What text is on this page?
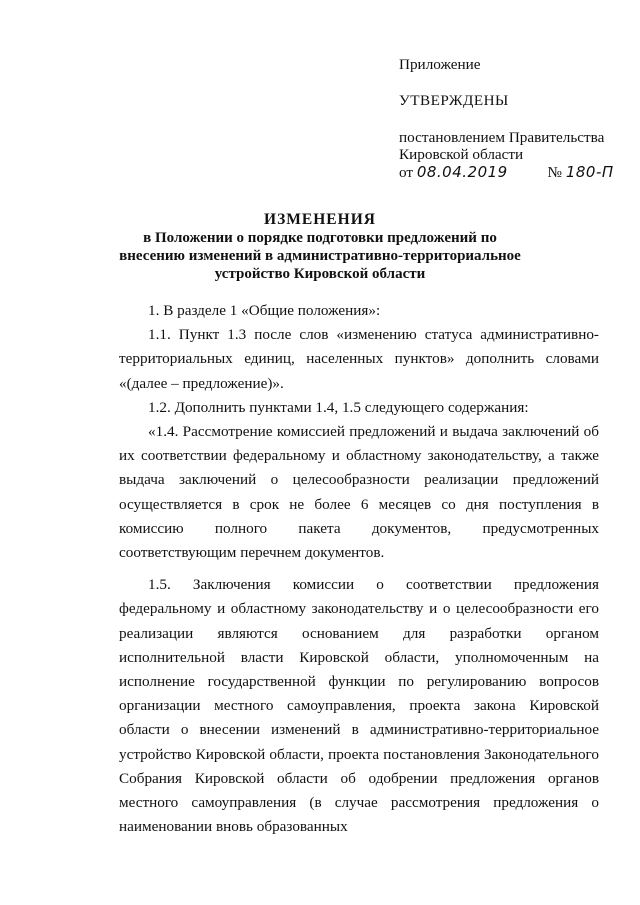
Приложение
УТВЕРЖДЕНЫ
постановлением Правительства
Кировской области
от 08.04.2019	№ 180-П
ИЗМЕНЕНИЯ
в Положении о порядке подготовки предложений по внесению изменений в административно-территориальное устройство Кировской области

1. В разделе 1 «Общие положения»:

1.1. Пункт 1.3 после слов «изменению статуса административно-территориальных единиц, населенных пунктов» дополнить словами «(далее – предложение)».

1.2. Дополнить пунктами 1.4, 1.5 следующего содержания:

«1.4. Рассмотрение комиссией предложений и выдача заключений об их соответствии федеральному и областному законодательству, а также выдача заключений о целесообразности реализации предложений осуществляется в срок не более 6 месяцев со дня поступления в комиссию полного пакета документов, предусмотренных соответствующим перечнем документов.

1.5. Заключения комиссии о соответствии предложения федеральному и областному законодательству и о целесообразности его реализации являются основанием для разработки органом исполнительной власти Кировской области, уполномоченным на исполнение государственной функции по регулированию вопросов организации местного самоуправления, проекта закона Кировской области о внесении изменений в административно-территориальное устройство Кировской области, проекта постановления Законодательного Собрания Кировской области об одобрении предложения органов местного самоуправления (в случае рассмотрения предложения о наименовании вновь образованных
